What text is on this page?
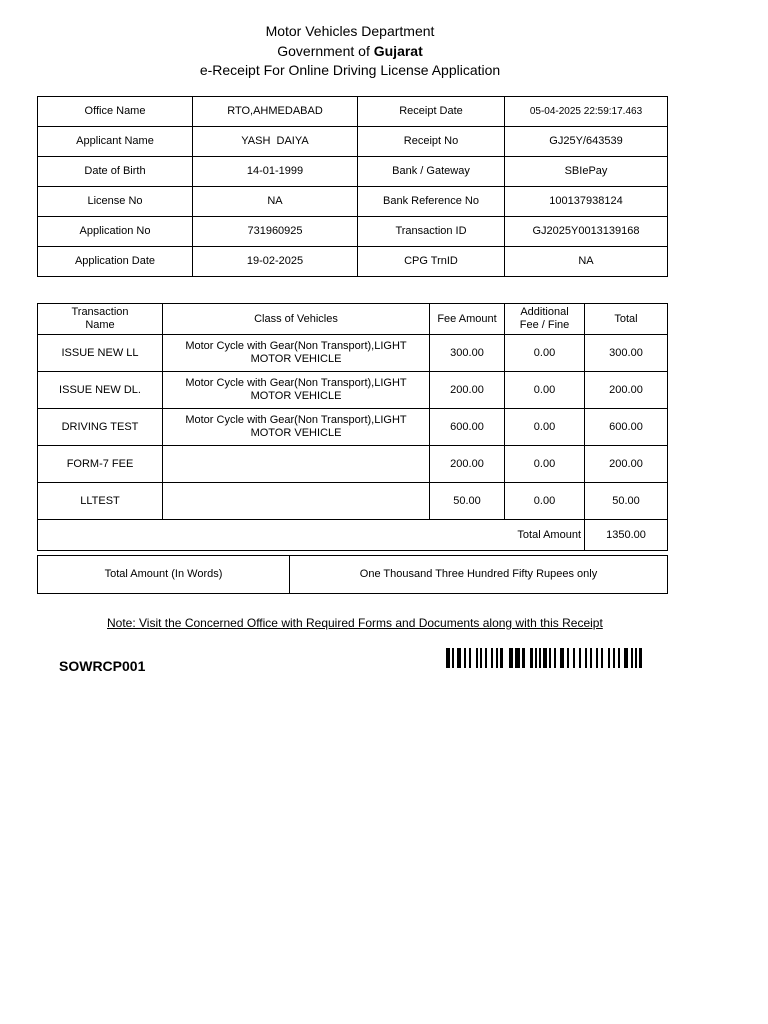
Motor Vehicles Department
Government of Gujarat
e-Receipt For Online Driving License Application
Office Name	RTO,AHMEDABAD	Receipt Date	05-04-2025 22:59:17.463
Applicant Name	YASH  DAIYA	Receipt No	GJ25Y/643539
Date of Birth	14-01-1999	Bank / Gateway	SBIePay
License No	NA	Bank Reference No	100137938124
Application No	731960925	Transaction ID	GJ2025Y0013139168
Application Date	19-02-2025	CPG TrnID	NA
Transaction Name	Class of Vehicles	Fee Amount	Additional Fee / Fine	Total
ISSUE NEW LL	Motor Cycle with Gear(Non Transport),LIGHT MOTOR VEHICLE	300.00	0.00	300.00
ISSUE NEW DL.	Motor Cycle with Gear(Non Transport),LIGHT MOTOR VEHICLE	200.00	0.00	200.00
DRIVING TEST	Motor Cycle with Gear(Non Transport),LIGHT MOTOR VEHICLE	600.00	0.00	600.00
FORM-7 FEE		200.00	0.00	200.00
LLTEST		50.00	0.00	50.00
Total Amount				1350.00
Total Amount (In Words)	One Thousand Three Hundred Fifty Rupees only
Note: Visit the Concerned Office with Required Forms and Documents along with this Receipt
SOWRCP001
